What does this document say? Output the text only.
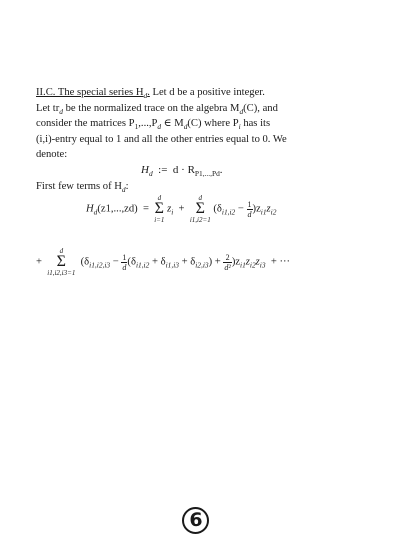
II.C. The special series $H_d$. Let d be a positive integer.
Let $tr_d$ be the normalized trace on the algebra $M_d(C)$, and
consider the matrices $P_1,...,P_d$ ∈ $M_d(C)$ where $P_i$ has its
(i,i)-entry equal to 1 and all the other entries equal to 0. We
denote:
$H_d$ := $d \cdot R_{P1,...,Pd}$.
First few terms of $H_d$:
$H_d(z1,...,zd)$ =
d
Σ
i=1
$z_i$ +
d
Σ
i1,i2=1
$(\delta_{i1,i2} - \frac{1}{d} )z_{i1}z_{i2}$
+
d
Σ
i1,i2,i3=1
$(\delta_{i1,i2,i3} - \frac{1}{d} (\delta_{i1,i2} + \delta_{i1,i3} + \delta_{i2,i3}) + \frac{2}{\text{d²}} )z_{i1}z_{i2}z_{i3}$ + ···
6
